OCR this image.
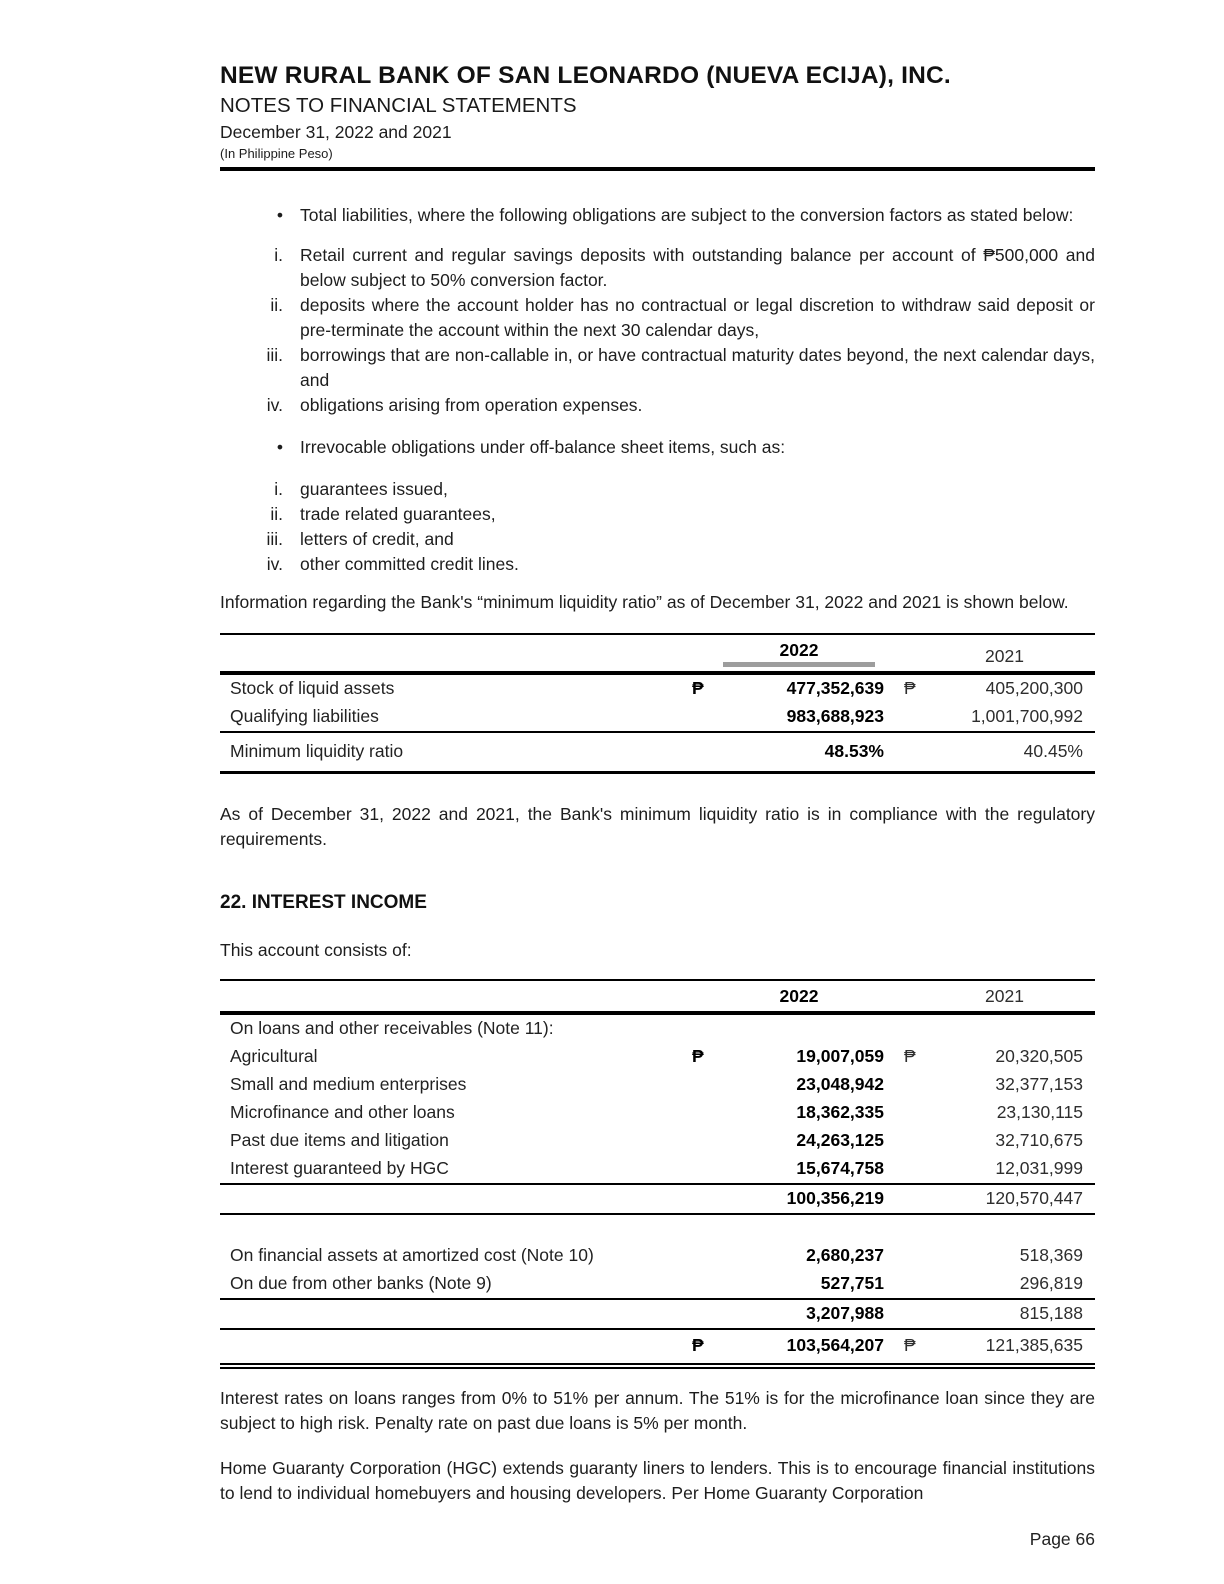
NEW RURAL BANK OF SAN LEONARDO (NUEVA ECIJA), INC.
NOTES TO FINANCIAL STATEMENTS
December 31, 2022 and 2021
(In Philippine Peso)
• Total liabilities, where the following obligations are subject to the conversion factors as stated below:
i. Retail current and regular savings deposits with outstanding balance per account of ₱500,000 and below subject to 50% conversion factor.
ii. deposits where the account holder has no contractual or legal discretion to withdraw said deposit or pre-terminate the account within the next 30 calendar days,
iii. borrowings that are non-callable in, or have contractual maturity dates beyond, the next calendar days, and
iv. obligations arising from operation expenses.
• Irrevocable obligations under off-balance sheet items, such as:
i. guarantees issued,
ii. trade related guarantees,
iii. letters of credit, and
iv. other committed credit lines.

Information regarding the Bank's “minimum liquidity ratio” as of December 31, 2022 and 2021 is shown below.

		2022		2021
Stock of liquid assets	₱	477,352,639	₱	405,200,300
Qualifying liabilities		983,688,923		1,001,700,992
Minimum liquidity ratio		48.53%		40.45%

As of December 31, 2022 and 2021, the Bank's minimum liquidity ratio is in compliance with the regulatory requirements.

22. INTEREST INCOME

This account consists of:

		2022		2021
On loans and other receivables (Note 11):				
Agricultural	₱	19,007,059	₱	20,320,505
Small and medium enterprises		23,048,942		32,377,153
Microfinance and other loans		18,362,335		23,130,115
Past due items and litigation		24,263,125		32,710,675
Interest guaranteed by HGC		15,674,758		12,031,999
		100,356,219		120,570,447

On financial assets at amortized cost (Note 10)		2,680,237		518,369
On due from other banks (Note 9)		527,751		296,819
		3,207,988		815,188
	₱	103,564,207	₱	121,385,635

Interest rates on loans ranges from 0% to 51% per annum. The 51% is for the microfinance loan since they are subject to high risk. Penalty rate on past due loans is 5% per month.

Home Guaranty Corporation (HGC) extends guaranty liners to lenders. This is to encourage financial institutions to lend to individual homebuyers and housing developers. Per Home Guaranty Corporation

Page 66
